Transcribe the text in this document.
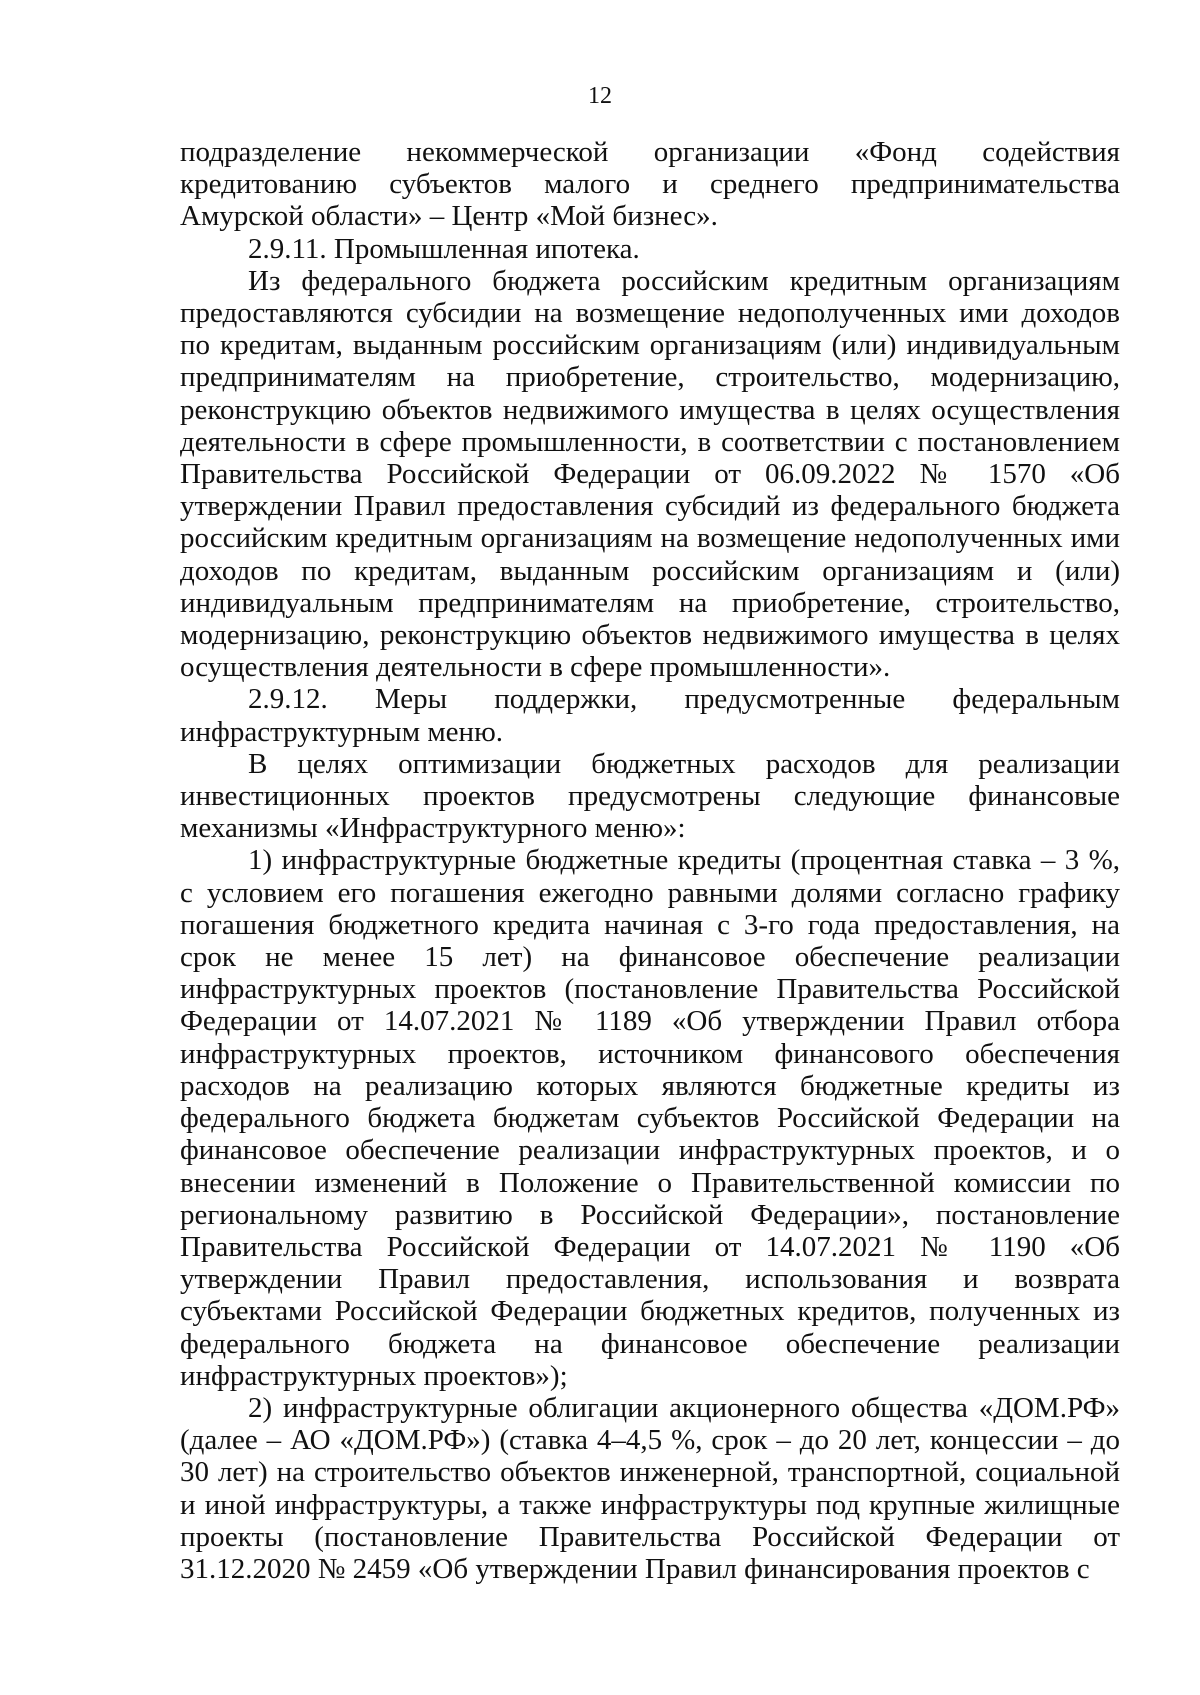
12

подразделение некоммерческой организации «Фонд содействия кредитованию субъектов малого и среднего предпринимательства Амурской области» – Центр «Мой бизнес».

2.9.11. Промышленная ипотека.

Из федерального бюджета российским кредитным организациям предоставляются субсидии на возмещение недополученных ими доходов по кредитам, выданным российским организациям (или) индивидуальным предпринимателям на приобретение, строительство, модернизацию, реконструкцию объектов недвижимого имущества в целях осуществления деятельности в сфере промышленности, в соответствии с постановлением Правительства Российской Федерации от 06.09.2022 № 1570 «Об утверждении Правил предоставления субсидий из федерального бюджета российским кредитным организациям на возмещение недополученных ими доходов по кредитам, выданным российским организациям и (или) индивидуальным предпринимателям на приобретение, строительство, модернизацию, реконструкцию объектов недвижимого имущества в целях осуществления деятельности в сфере промышленности».

2.9.12. Меры поддержки, предусмотренные федеральным инфраструктурным меню.

В целях оптимизации бюджетных расходов для реализации инвестиционных проектов предусмотрены следующие финансовые механизмы «Инфраструктурного меню»:

1) инфраструктурные бюджетные кредиты (процентная ставка – 3 %, с условием его погашения ежегодно равными долями согласно графику погашения бюджетного кредита начиная с 3-го года предоставления, на срок не менее 15 лет) на финансовое обеспечение реализации инфраструктурных проектов (постановление Правительства Российской Федерации от 14.07.2021 № 1189 «Об утверждении Правил отбора инфраструктурных проектов, источником финансового обеспечения расходов на реализацию которых являются бюджетные кредиты из федерального бюджета бюджетам субъектов Российской Федерации на финансовое обеспечение реализации инфраструктурных проектов, и о внесении изменений в Положение о Правительственной комиссии по региональному развитию в Российской Федерации», постановление Правительства Российской Федерации от 14.07.2021 № 1190 «Об утверждении Правил предоставления, использования и возврата субъектами Российской Федерации бюджетных кредитов, полученных из федерального бюджета на финансовое обеспечение реализации инфраструктурных проектов»);

2) инфраструктурные облигации акционерного общества «ДОМ.РФ» (далее – АО «ДОМ.РФ») (ставка 4–4,5 %, срок – до 20 лет, концессии – до 30 лет) на строительство объектов инженерной, транспортной, социальной и иной инфраструктуры, а также инфраструктуры под крупные жилищные проекты (постановление Правительства Российской Федерации от 31.12.2020 № 2459 «Об утверждении Правил финансирования проектов с
